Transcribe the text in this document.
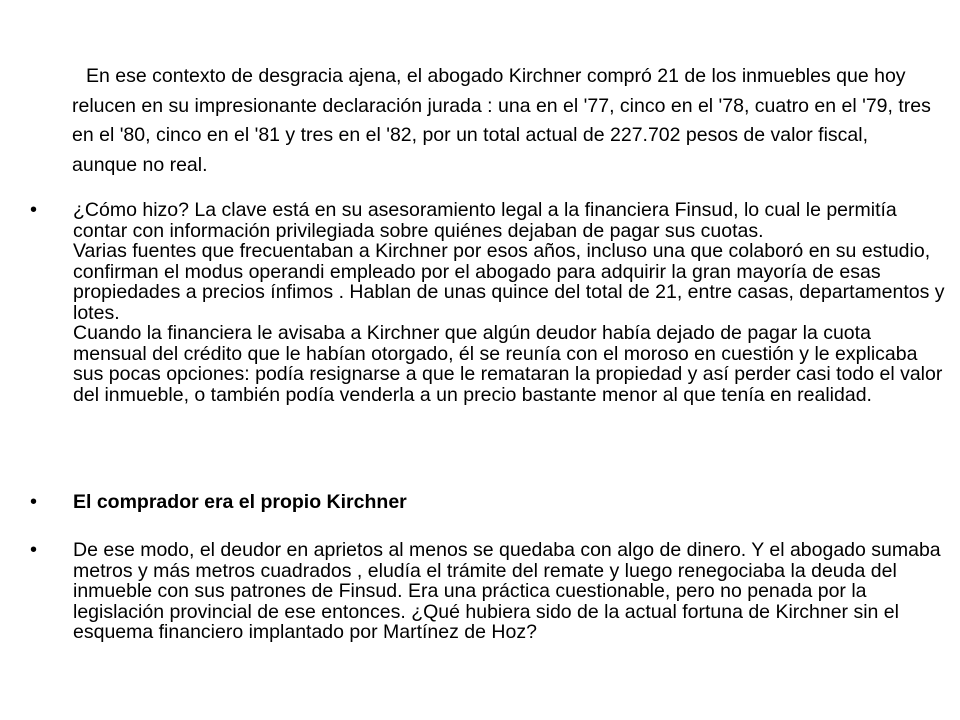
En ese contexto de desgracia ajena, el abogado Kirchner compró 21 de los inmuebles que hoy relucen en su impresionante declaración jurada : una en el '77, cinco en el '78, cuatro en el '79, tres en el '80, cinco en el '81 y tres en el '82, por un total actual de 227.702 pesos de valor fiscal, aunque no real.

• ¿Cómo hizo? La clave está en su asesoramiento legal a la financiera Finsud, lo cual le permitía contar con información privilegiada sobre quiénes dejaban de pagar sus cuotas.

Varias fuentes que frecuentaban a Kirchner por esos años, incluso una que colaboró en su estudio, confirman el modus operandi empleado por el abogado para adquirir la gran mayoría de esas propiedades a precios ínfimos . Hablan de unas quince del total de 21, entre casas, departamentos y lotes.

Cuando la financiera le avisaba a Kirchner que algún deudor había dejado de pagar la cuota mensual del crédito que le habían otorgado, él se reunía con el moroso en cuestión y le explicaba sus pocas opciones: podía resignarse a que le remataran la propiedad y así perder casi todo el valor del inmueble, o también podía venderla a un precio bastante menor al que tenía en realidad.

• El comprador era el propio Kirchner

• De ese modo, el deudor en aprietos al menos se quedaba con algo de dinero. Y el abogado sumaba metros y más metros cuadrados , eludía el trámite del remate y luego renegociaba la deuda del inmueble con sus patrones de Finsud. Era una práctica cuestionable, pero no penada por la legislación provincial de ese entonces. ¿Qué hubiera sido de la actual fortuna de Kirchner sin el esquema financiero implantado por Martínez de Hoz?
